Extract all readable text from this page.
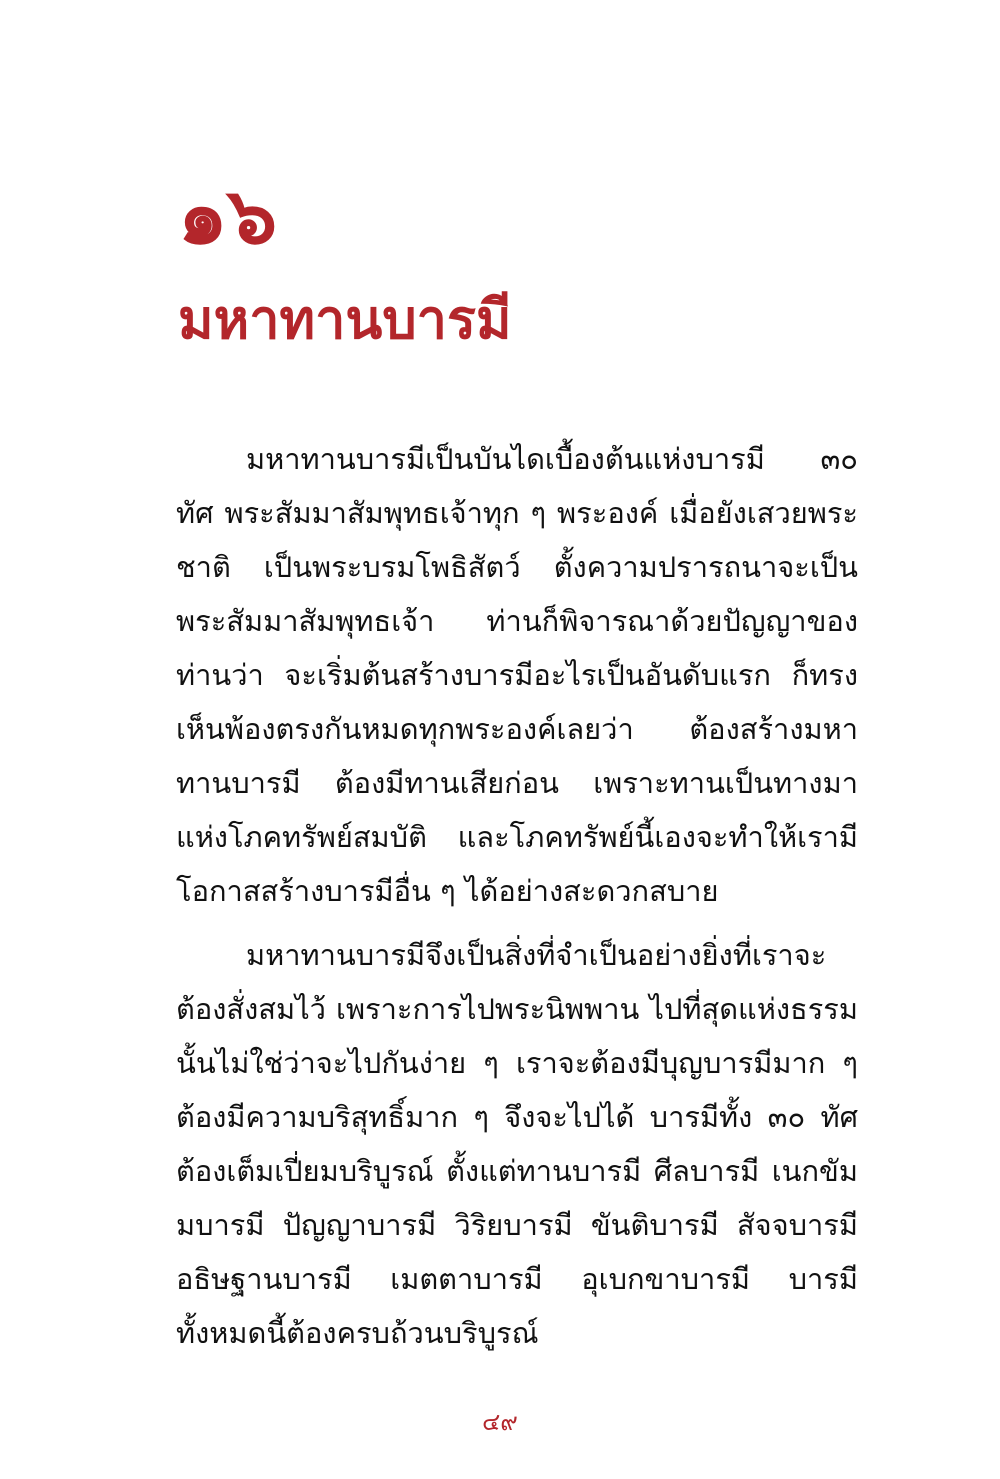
๑๖
มหาทานบารมี

มหาทานบารมีเป็นบันไดเบื้องต้นแห่งบารมี ๓๐ ทัศ พระสัมมาสัมพุทธเจ้าทุก ๆ พระองค์ เมื่อยังเสวยพระชาติ เป็นพระบรมโพธิสัตว์ ตั้งความปรารถนาจะเป็นพระสัมมาสัมพุทธเจ้า ท่านก็พิจารณาด้วยปัญญาของท่านว่า จะเริ่มต้นสร้างบารมีอะไรเป็นอันดับแรก ก็ทรงเห็นพ้องตรงกันหมดทุกพระองค์เลยว่า ต้องสร้างมหาทานบารมี ต้องมีทานเสียก่อน เพราะทานเป็นทางมาแห่งโภคทรัพย์สมบัติ และโภคทรัพย์นี้เองจะทำให้เรามีโอกาสสร้างบารมีอื่น ๆ ได้อย่างสะดวกสบาย

มหาทานบารมีจึงเป็นสิ่งที่จำเป็นอย่างยิ่งที่เราจะต้องสั่งสมไว้ เพราะการไปพระนิพพาน ไปที่สุดแห่งธรรมนั้นไม่ใช่ว่าจะไปกันง่าย ๆ เราจะต้องมีบุญบารมีมาก ๆ ต้องมีความบริสุทธิ์มาก ๆ จึงจะไปได้ บารมีทั้ง ๓๐ ทัศต้องเต็มเปี่ยมบริบูรณ์ ตั้งแต่ทานบารมี ศีลบารมี เนกขัมมบารมี ปัญญาบารมี วิริยบารมี ขันติบารมี สัจจบารมี อธิษฐานบารมี เมตตาบารมี อุเบกขาบารมี บารมีทั้งหมดนี้ต้องครบถ้วนบริบูรณ์

๔๙
